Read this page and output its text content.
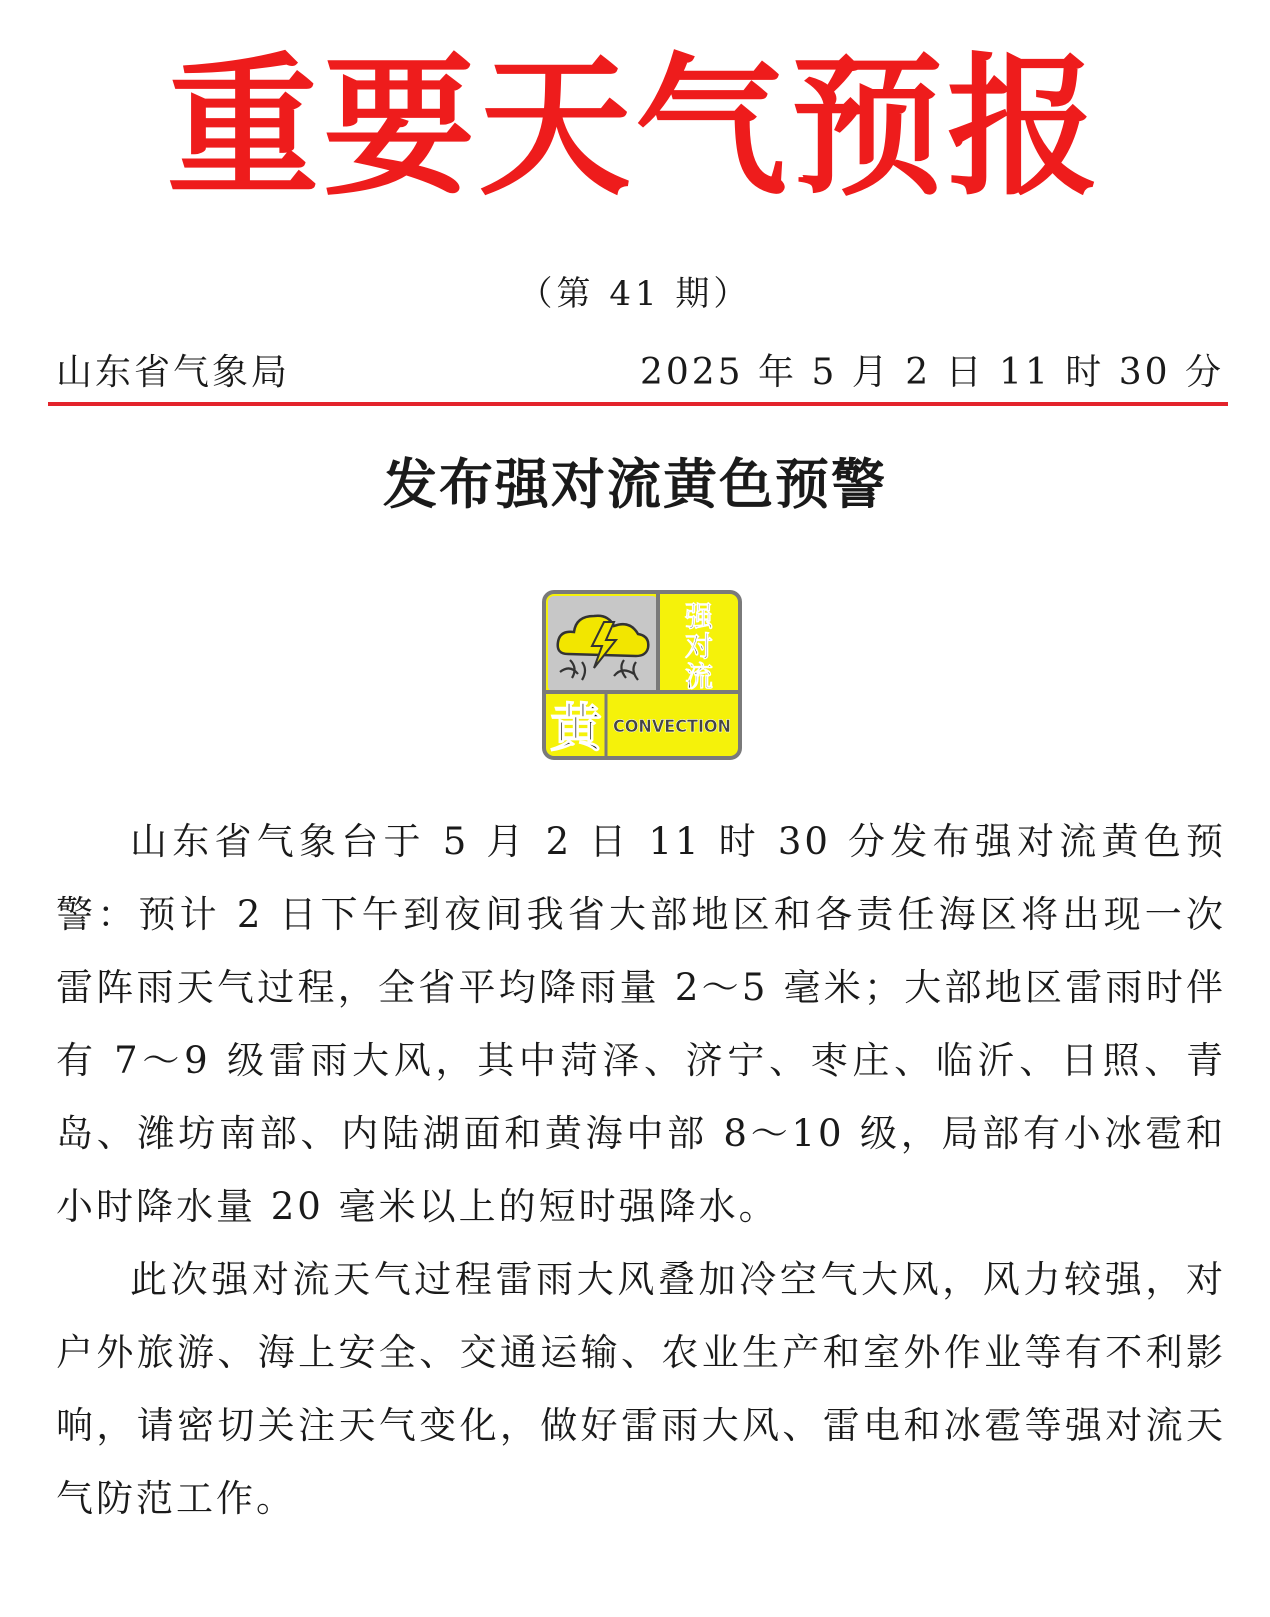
重要天气预报
（第 41 期）
山东省气象局	2025 年 5 月 2 日 11 时 30 分
发布强对流黄色预警
强
对
流
黄 CONVECTION

山东省气象台于 5 月 2 日 11 时 30 分发布强对流黄色预警：预计 2 日下午到夜间我省大部地区和各责任海区将出现一次雷阵雨天气过程，全省平均降雨量 2～5 毫米；大部地区雷雨时伴有 7～9 级雷雨大风，其中菏泽、济宁、枣庄、临沂、日照、青岛、潍坊南部、内陆湖面和黄海中部 8～10 级，局部有小冰雹和小时降水量 20 毫米以上的短时强降水。

此次强对流天气过程雷雨大风叠加冷空气大风，风力较强，对户外旅游、海上安全、交通运输、农业生产和室外作业等有不利影响，请密切关注天气变化，做好雷雨大风、雷电和冰雹等强对流天气防范工作。
